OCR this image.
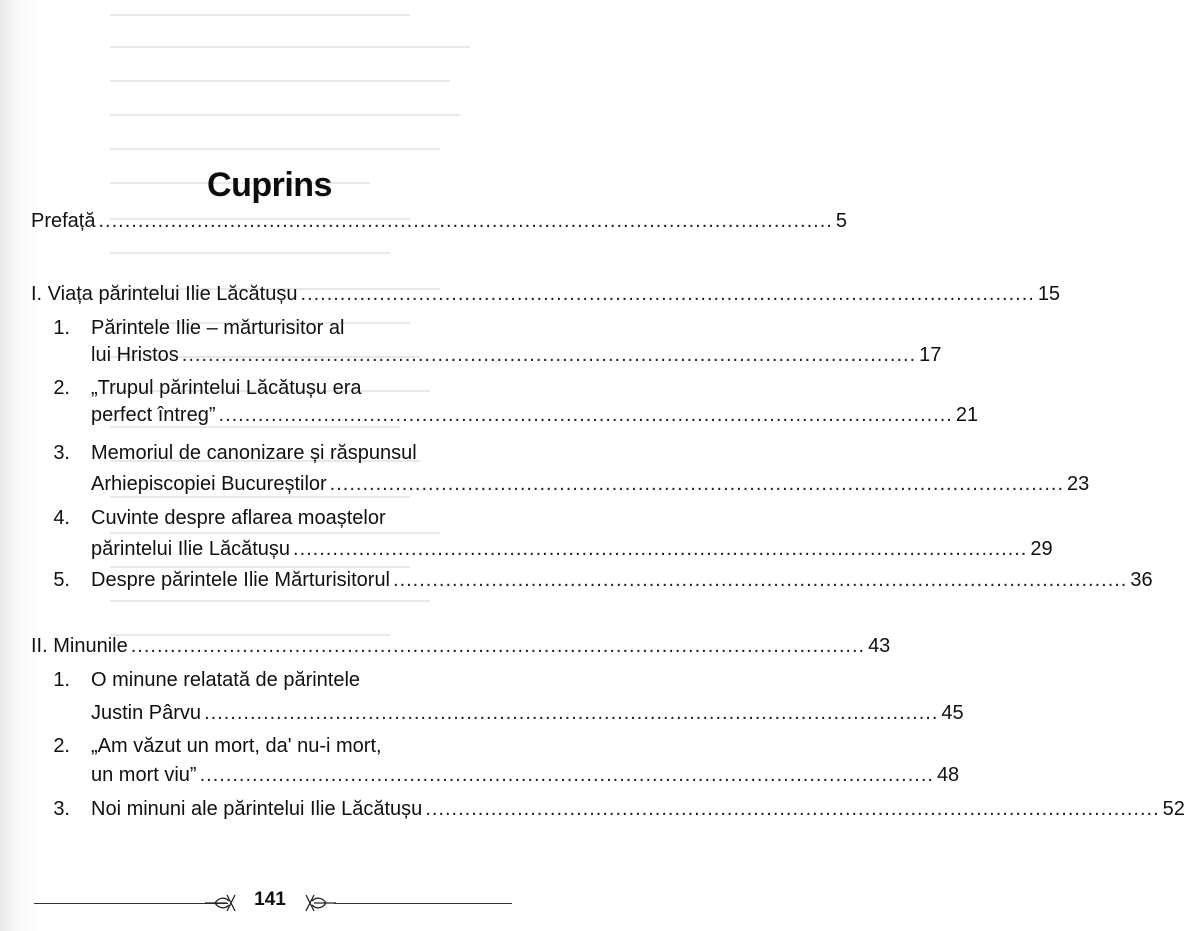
Cuprins
Prefață ................................................................................................................ 5
I. Viața părintelui Ilie Lăcătușu ................................................................................................................ 15
1. Părintele Ilie – mărturisitor al
lui Hristos ................................................................................................................ 17
2. „Trupul părintelui Lăcătușu era
perfect întreg” ................................................................................................................ 21
3. Memoriul de canonizare și răspunsul
Arhiepiscopiei Bucureștilor ................................................................................................................ 23
4. Cuvinte despre aflarea moaștelor
părintelui Ilie Lăcătușu ................................................................................................................ 29
5. Despre părintele Ilie Mărturisitorul ................................................................................................................ 36
II. Minunile ................................................................................................................ 43
1. O minune relatată de părintele
Justin Pârvu ................................................................................................................ 45
2. „Am văzut un mort, da' nu-i mort,
un mort viu” ................................................................................................................ 48
3. Noi minuni ale părintelui Ilie Lăcătușu ................................................................................................................ 52
141
